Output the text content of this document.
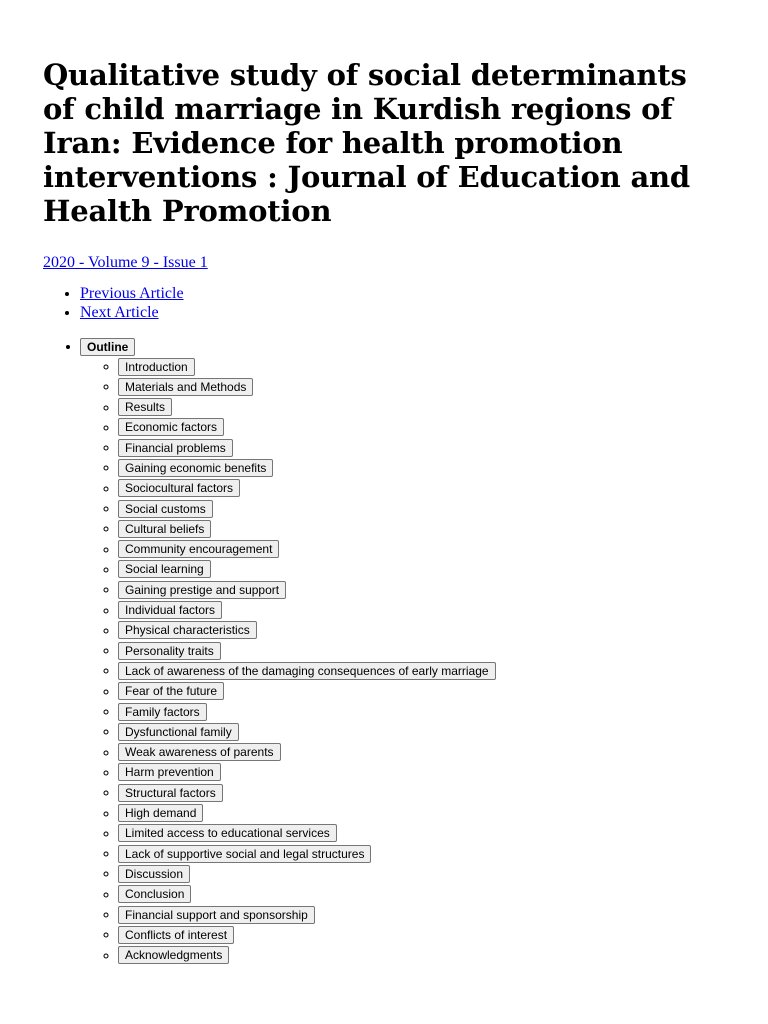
Qualitative study of social determinants of child marriage in Kurdish regions of Iran: Evidence for health promotion interventions : Journal of Education and Health Promotion
2020 - Volume 9 - Issue 1
• Previous Article
• Next Article
• Outline
◦ Introduction
◦ Materials and Methods
◦ Results
◦ Economic factors
◦ Financial problems
◦ Gaining economic benefits
◦ Sociocultural factors
◦ Social customs
◦ Cultural beliefs
◦ Community encouragement
◦ Social learning
◦ Gaining prestige and support
◦ Individual factors
◦ Physical characteristics
◦ Personality traits
◦ Lack of awareness of the damaging consequences of early marriage
◦ Fear of the future
◦ Family factors
◦ Dysfunctional family
◦ Weak awareness of parents
◦ Harm prevention
◦ Structural factors
◦ High demand
◦ Limited access to educational services
◦ Lack of supportive social and legal structures
◦ Discussion
◦ Conclusion
◦ Financial support and sponsorship
◦ Conflicts of interest
◦ Acknowledgments
